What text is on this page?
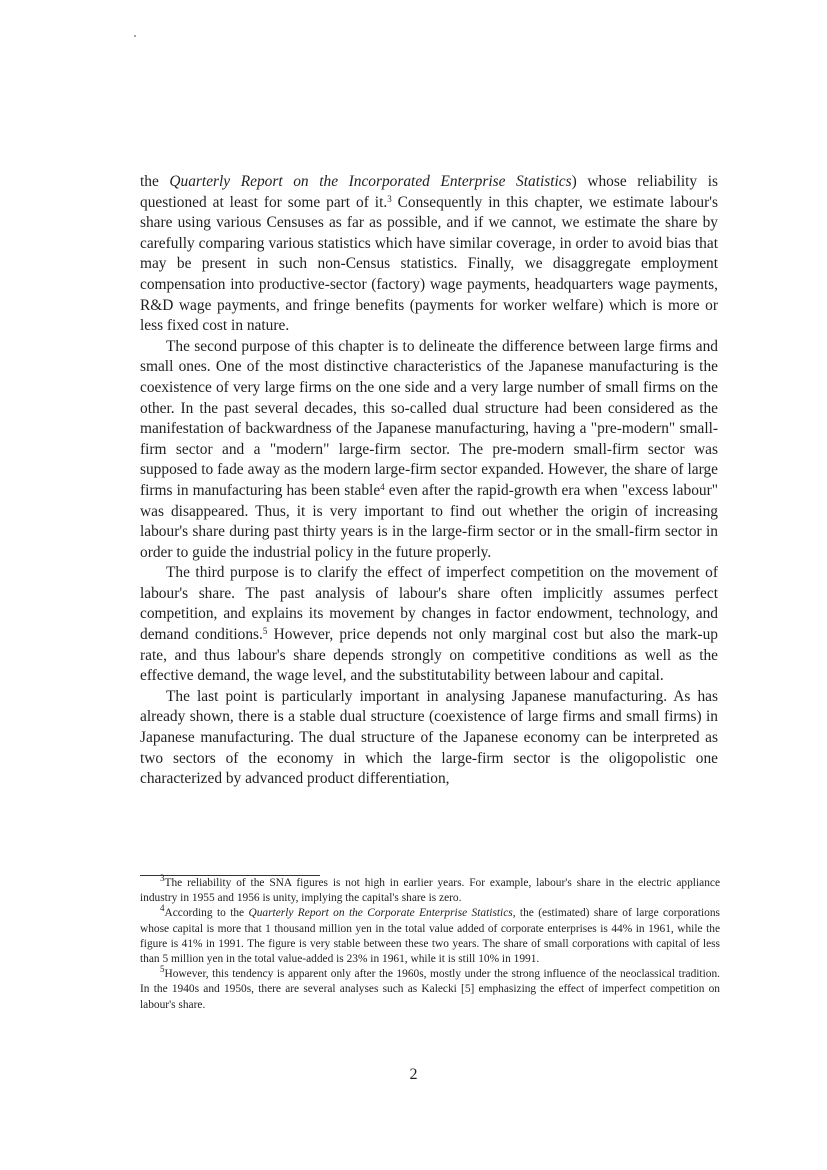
the Quarterly Report on the Incorporated Enterprise Statistics) whose reliability is questioned at least for some part of it.$^3$ Consequently in this chapter, we estimate labour's share using various Censuses as far as possible, and if we cannot, we estimate the share by carefully comparing various statistics which have similar coverage, in order to avoid bias that may be present in such non-Census statistics. Finally, we disaggregate employment compensation into productive-sector (factory) wage payments, headquarters wage payments, R&D wage payments, and fringe benefits (payments for worker welfare) which is more or less fixed cost in nature.

The second purpose of this chapter is to delineate the difference between large firms and small ones. One of the most distinctive characteristics of the Japanese manufacturing is the coexistence of very large firms on the one side and a very large number of small firms on the other. In the past several decades, this so-called dual structure had been considered as the manifestation of backwardness of the Japanese manufacturing, having a "pre-modern" small-firm sector and a "modern" large-firm sector. The pre-modern small-firm sector was supposed to fade away as the modern large-firm sector expanded. However, the share of large firms in manufacturing has been stable$^4$ even after the rapid-growth era when "excess labour" was disappeared. Thus, it is very important to find out whether the origin of increasing labour's share during past thirty years is in the large-firm sector or in the small-firm sector in order to guide the industrial policy in the future properly.

The third purpose is to clarify the effect of imperfect competition on the movement of labour's share. The past analysis of labour's share often implicitly assumes perfect competition, and explains its movement by changes in factor endowment, technology, and demand conditions.$^5$ However, price depends not only marginal cost but also the mark-up rate, and thus labour's share depends strongly on competitive conditions as well as the effective demand, the wage level, and the substitutability between labour and capital.

The last point is particularly important in analysing Japanese manufacturing. As has already shown, there is a stable dual structure (coexistence of large firms and small firms) in Japanese manufacturing. The dual structure of the Japanese economy can be interpreted as two sectors of the economy in which the large-firm sector is the oligopolistic one characterized by advanced product differentiation,

$^3$The reliability of the SNA figures is not high in earlier years. For example, labour's share in the electric appliance industry in 1955 and 1956 is unity, implying the capital's share is zero.

$^4$According to the Quarterly Report on the Corporate Enterprise Statistics, the (estimated) share of large corporations whose capital is more that 1 thousand million yen in the total value added of corporate enterprises is 44% in 1961, while the figure is 41% in 1991. The figure is very stable between these two years. The share of small corporations with capital of less than 5 million yen in the total value-added is 23% in 1961, while it is still 10% in 1991.

$^5$However, this tendency is apparent only after the 1960s, mostly under the strong influence of the neoclassical tradition. In the 1940s and 1950s, there are several analyses such as Kalecki [5] emphasizing the effect of imperfect competition on labour's share.

2
